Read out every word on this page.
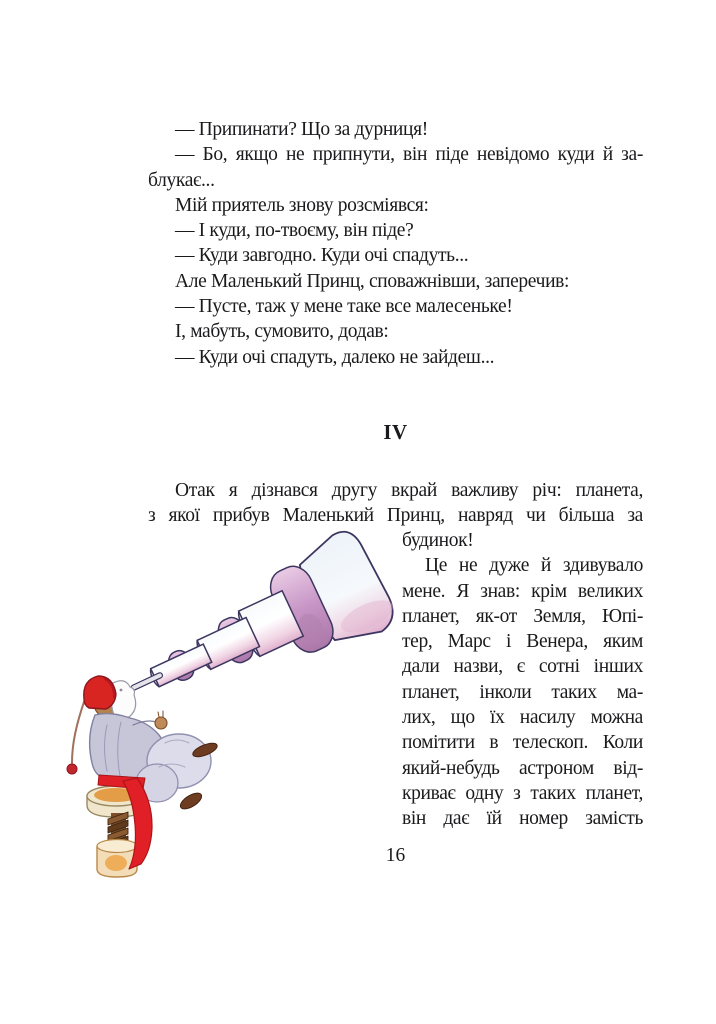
— Припинати? Що за дурниця!
— Бо, якщо не припнути, він піде невідомо куди й за-
блукає...
Мій приятель знову розсміявся:
— І куди, по-твоєму, він піде?
— Куди завгодно. Куди очі спадуть...
Але Маленький Принц, споважнівши, заперечив:
— Пусте, таж у мене таке все малесеньке!
І, мабуть, сумовито, додав:
— Куди очі спадуть, далеко не зайдеш...
IV
Отак я дізнався другу вкрай важливу річ: планета,
з якої прибув Маленький Принц, навряд чи більша за
будинок!
Це не дуже й здивувало
мене. Я знав: крім великих
планет, як-от Земля, Юпі-
тер, Марс і Венера, яким
дали назви, є сотні інших
планет, інколи таких ма-
лих, що їх насилу можна
помітити в телескоп. Коли
який-небудь астроном від-
криває одну з таких планет,
він дає їй номер замість
16
